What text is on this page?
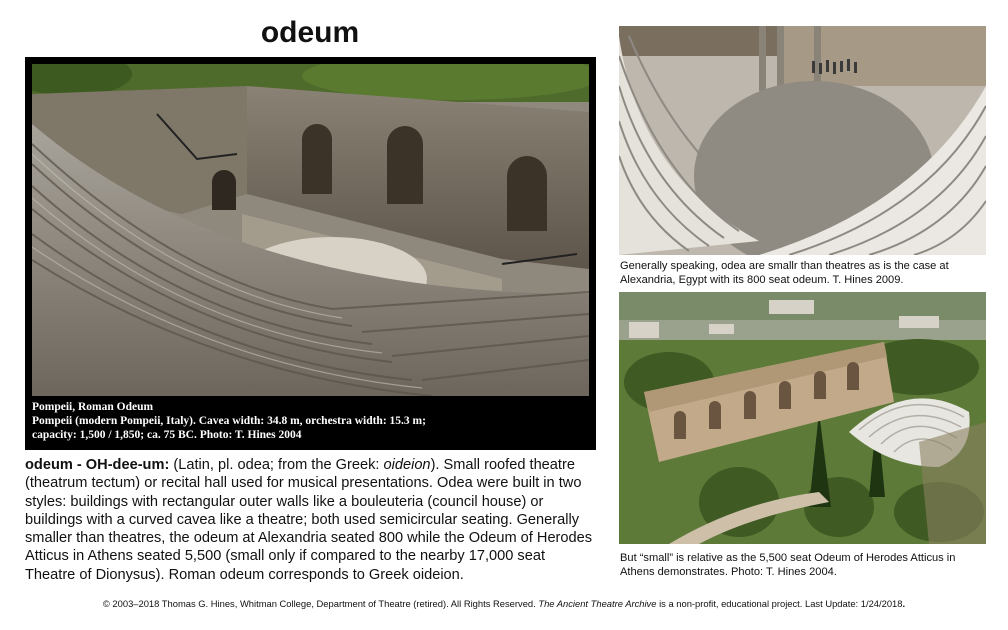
odeum
Pompeii, Roman Odeum
Pompeii (modern Pompeii, Italy). Cavea width: 34.8 m, orchestra width: 15.3 m;
capacity: 1,500 / 1,850; ca. 75 BC. Photo: T. Hines 2004
odeum - OH-dee-um: (Latin, pl. odea; from the Greek: oideion). Small roofed theatre (theatrum tectum) or recital hall used for musical presentations. Odea were built in two styles: buildings with rectangular outer walls like a bouleuteria (council house) or buildings with a curved cavea like a theatre; both used semicircular seating. Generally smaller than theatres, the odeum at Alexandria seated 800 while the Odeum of Herodes Atticus in Athens seated 5,500 (small only if compared to the nearby 17,000 seat Theatre of Dionysus). Roman odeum corresponds to Greek oideion.
Generally speaking, odea are smallr than theatres as is the case at Alexandria, Egypt with its 800 seat odeum. T. Hines 2009.
But “small” is relative as the 5,500 seat Odeum of Herodes Atticus in Athens demonstrates. Photo: T. Hines 2004.
© 2003–2018 Thomas G. Hines, Whitman College, Department of Theatre (retired). All Rights Reserved. The Ancient Theatre Archive is a non-profit, educational project. Last Update: 1/24/2018.
